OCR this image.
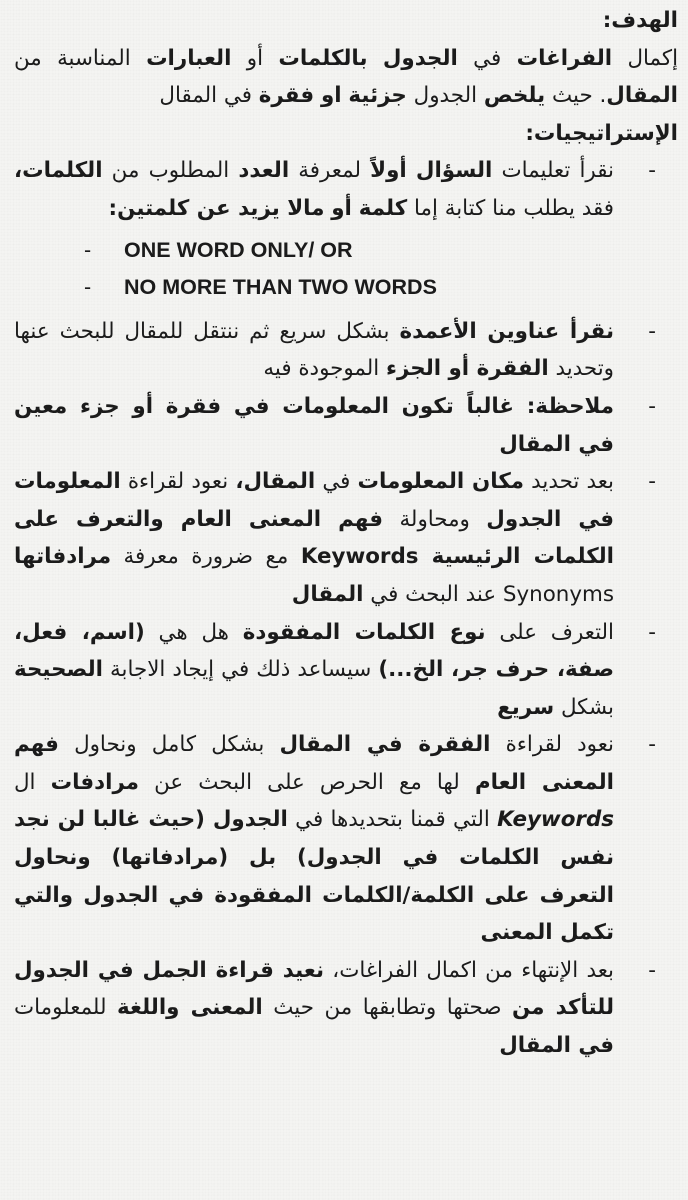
الهدف:

إكمال الفراغات في الجدول بالكلمات أو العبارات المناسبة من المقال. حيث يلخص الجدول جزئية او فقرة في المقال

الإستراتيجيات:
- نقرأ تعليمات السؤال أولاً لمعرفة العدد المطلوب من الكلمات، فقد يطلب منا كتابة إما كلمة أو مالا يزيد عن كلمتين:
- ONE WORD ONLY/ OR
- NO MORE THAN TWO WORDS
- نقرأ عناوين الأعمدة بشكل سريع ثم ننتقل للمقال للبحث عنها وتحديد الفقرة أو الجزء الموجودة فيه
- ملاحظة: غالباً تكون المعلومات في فقرة أو جزء معين في المقال
- بعد تحديد مكان المعلومات في المقال، نعود لقراءة المعلومات في الجدول ومحاولة فهم المعنى العام والتعرف على الكلمات الرئيسية Keywords مع ضرورة معرفة مرادفاتها Synonyms عند البحث في المقال
- التعرف على نوع الكلمات المفقودة هل هي (اسم، فعل، صفة، حرف جر، الخ...) سيساعد ذلك في إيجاد الاجابة الصحيحة بشكل سريع
- نعود لقراءة الفقرة في المقال بشكل كامل ونحاول فهم المعنى العام لها مع الحرص على البحث عن مرادفات ال Keywords التي قمنا بتحديدها في الجدول (حيث غالبا لن نجد نفس الكلمات في الجدول) بل (مرادفاتها) ونحاول التعرف على الكلمة/الكلمات المفقودة في الجدول والتي تكمل المعنى
- بعد الإنتهاء من اكمال الفراغات، نعيد قراءة الجمل في الجدول للتأكد من صحتها وتطابقها من حيث المعنى واللغة للمعلومات في المقال
